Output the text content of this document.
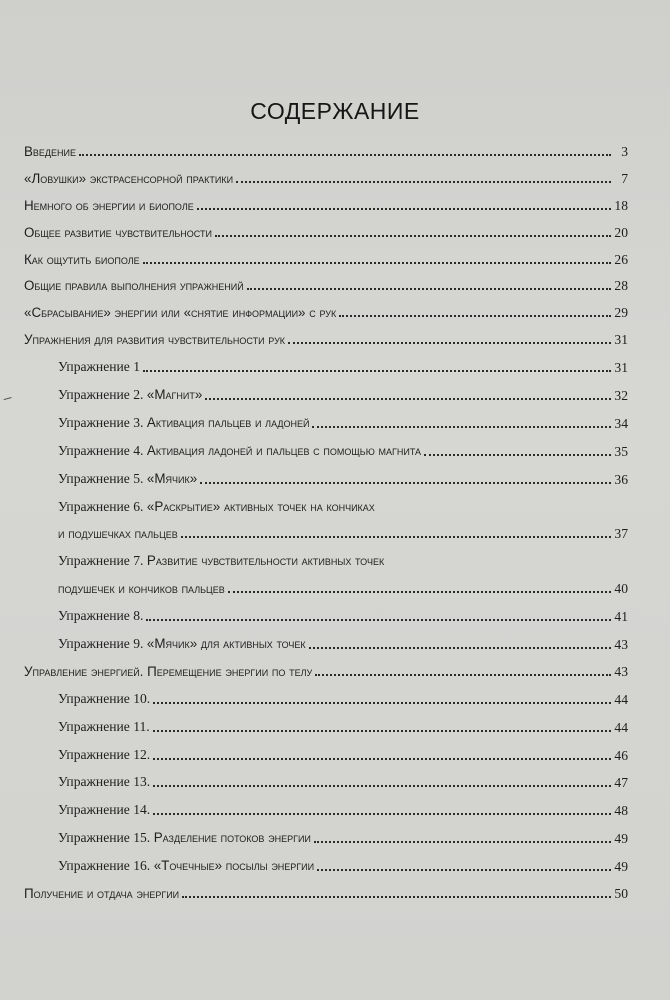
СОДЕРЖАНИЕ
Введение	3
«Ловушки» экстрасенсорной практики	7
Немного об энергии и биополе	18
Общее развитие чувствительности	20
Как ощутить биополе	26
Общие правила выполнения упражнений	28
«Сбрасывание» энергии или «снятие информации» с рук	29
Упражнения для развития чувствительности рук	31
Упражнение 1	31
Упражнение 2. «Магнит»	32
Упражнение 3. Активация пальцев и ладоней	34
Упражнение 4. Активация ладоней и пальцев с помощью магнита	35
Упражнение 5. «Мячик»	36
Упражнение 6. «Раскрытие» активных точек на кончиках
и подушечках пальцев	37
Упражнение 7. Развитие чувствительности активных точек
подушечек и кончиков пальцев	40
Упражнение 8.	41
Упражнение 9. «Мячик» для активных точек	43
Управление энергией. Перемещение энергии по телу	43
Упражнение 10.	44
Упражнение 11.	44
Упражнение 12.	46
Упражнение 13.	47
Упражнение 14.	48
Упражнение 15. Разделение потоков энергии	49
Упражнение 16. «Точечные» посылы энергии	49
Получение и отдача энергии	50
